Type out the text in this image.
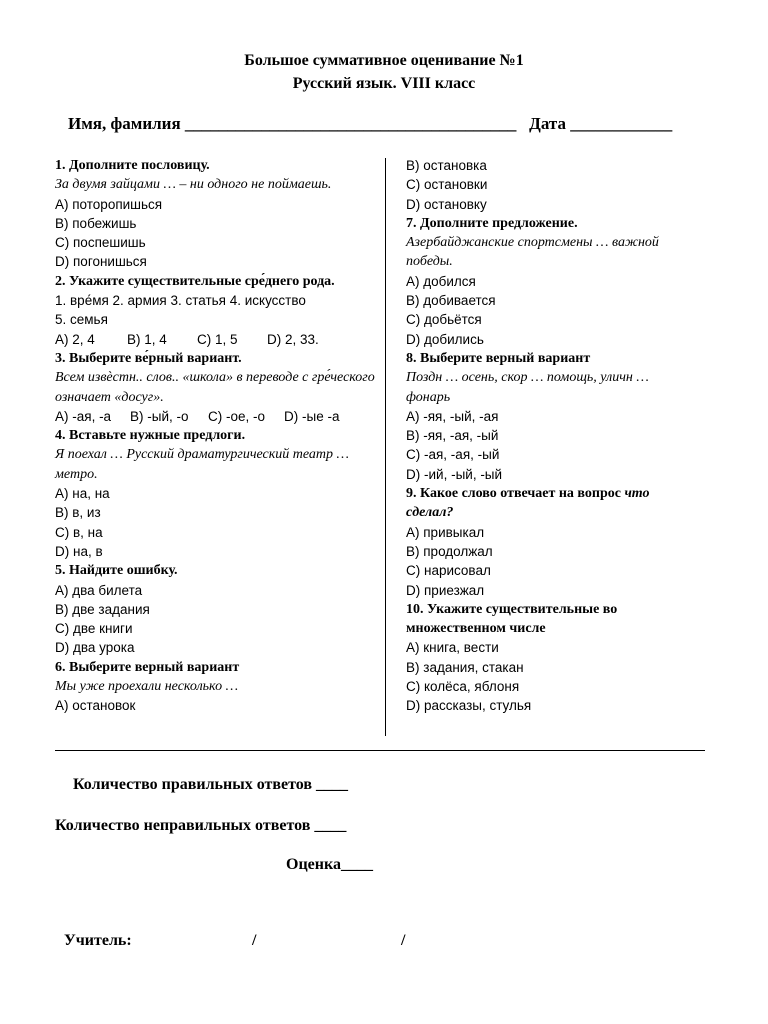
Большое суммативное оценивание №1
Русский язык. VIII класс
Имя, фамилия _______________________________________ Дата ____________
1. Дополните пословицу.
За двумя зайцами … – ни одного не поймаешь.
А) поторопишься
В) побежишь
С) поспешишь
D) погонишься
2. Укажите существительные сре́днего рода.
1. вре́мя 2. армия 3. статья 4. искусство
5. семья
А) 2, 4 В) 1, 4 С) 1, 5 D) 2, 33.
3. Выберите ве́рный вариант.
Всем извѐстн.. слов.. «школа» в переводе с гре́ческого означает «досуг».
А) -ая, -а В) -ый, -о С) -ое, -о D) -ые -а
4. Вставьте нужные предлоги.
Я поехал … Русский драматургический театр … метро.
А) на, на
В) в, из
С) в, на
D) на, в
5. Найдите ошибку.
А) два билета
В) две задания
С) две книги
D) два урока
6. Выберите верный вариант
Мы уже проехали несколько …
А) остановок
В) остановка
С) остановки
D) остановку
7. Дополните предложение.
Азербайджанские спортсмены … важной победы.
А) добился
В) добивается
С) добьётся
D) добились
8. Выберите верный вариант
Поздн … осень, скор … помощь, уличн … фонарь
А) -яя, -ый, -ая
В) -яя, -ая, -ый
С) -ая, -ая, -ый
D) -ий, -ый, -ый
9. Какое слово отвечает на вопрос что сделал?
А) привыкал
В) продолжал
С) нарисовал
D) приезжал
10. Укажите существительные во множественном числе
А) книга, вести
В) задания, стакан
С) колёса, яблоня
D) рассказы, стулья
Количество правильных ответов ____
Количество неправильных ответов ____
Оценка____
Учитель:	/	/
